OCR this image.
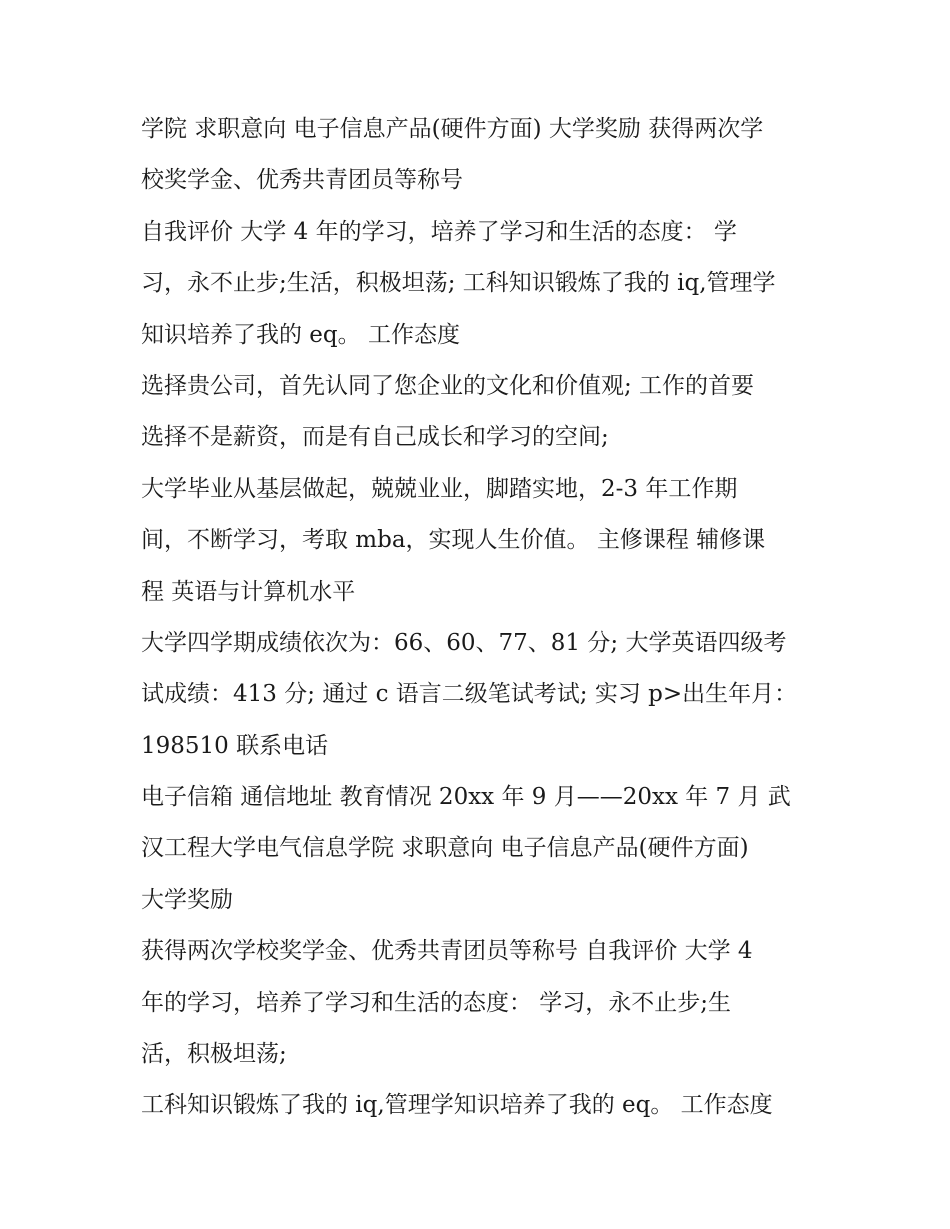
学院 求职意向 电子信息产品(硬件方面) 大学奖励 获得两次学
校奖学金、优秀共青团员等称号
自我评价 大学 4 年的学习，培养了学习和生活的态度： 学
习，永不止步;生活，积极坦荡; 工科知识锻炼了我的 iq,管理学
知识培养了我的 eq。 工作态度
选择贵公司，首先认同了您企业的文化和价值观; 工作的首要
选择不是薪资，而是有自己成长和学习的空间;
大学毕业从基层做起，兢兢业业，脚踏实地，2-3 年工作期
间，不断学习，考取 mba，实现人生价值。 主修课程 辅修课
程 英语与计算机水平
大学四学期成绩依次为：66、60、77、81 分; 大学英语四级考
试成绩：413 分; 通过 c 语言二级笔试考试; 实习 p>出生年月：
198510 联系电话
电子信箱 通信地址 教育情况 20xx 年 9 月——20xx 年 7 月 武
汉工程大学电气信息学院 求职意向 电子信息产品(硬件方面)
大学奖励
获得两次学校奖学金、优秀共青团员等称号 自我评价 大学 4
年的学习，培养了学习和生活的态度： 学习，永不止步;生
活，积极坦荡;
工科知识锻炼了我的 iq,管理学知识培养了我的 eq。 工作态度
